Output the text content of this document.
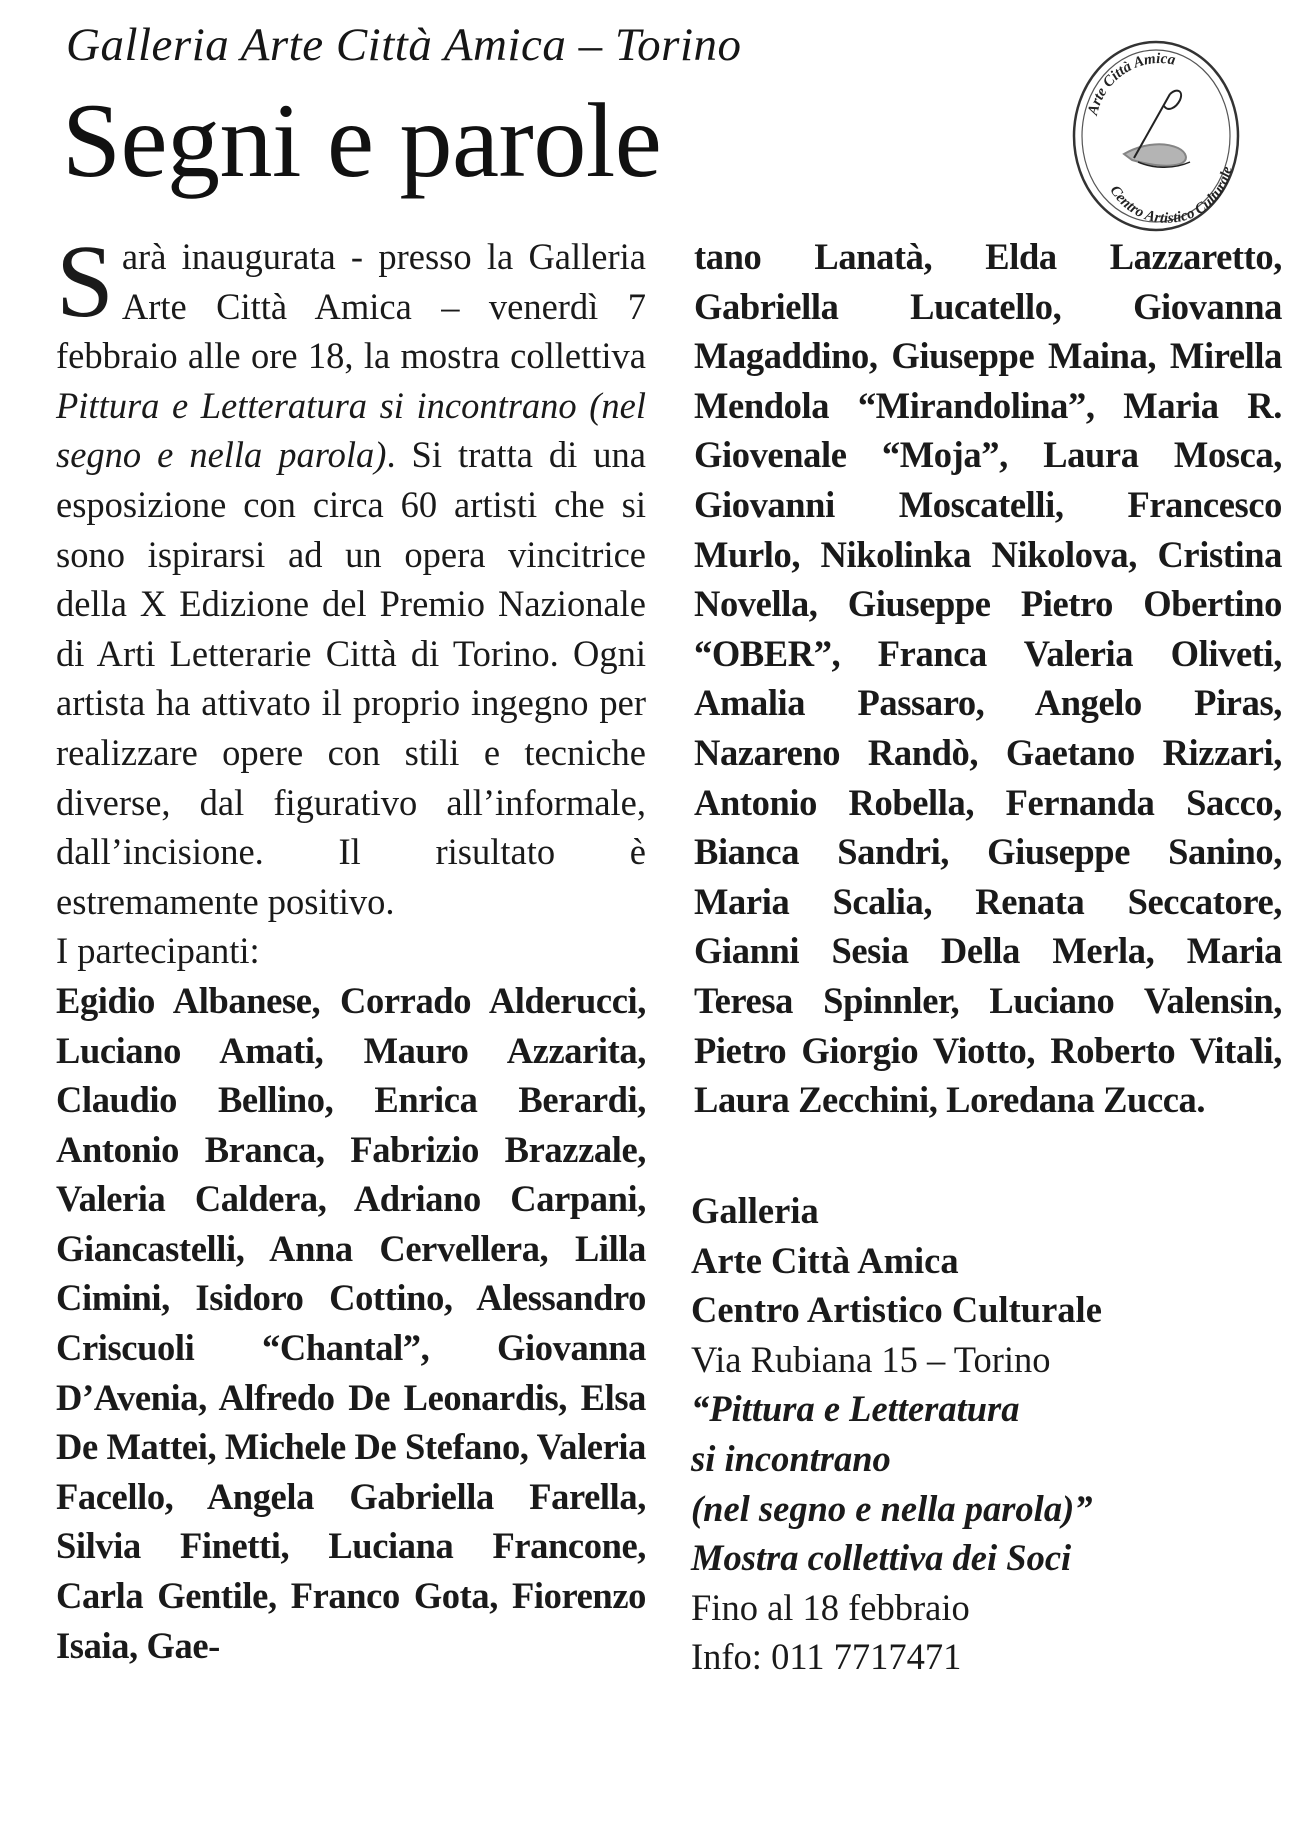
Galleria Arte Città Amica – Torino
Segni e parole	Arte Città Amica
Centro Artistico Culturale

Sarà inaugurata - presso la Galleria Arte Città Amica – venerdì 7 febbraio alle ore 18, la mostra collettiva Pittura e Letteratura si incontrano (nel segno e nella parola). Si tratta di una esposizione con circa 60 artisti che si sono ispirarsi ad un opera vincitrice della X Edizione del Premio Nazionale di Arti Letterarie Città di Torino. Ogni artista ha attivato il proprio ingegno per realizzare opere con stili e tecniche diverse, dal figurativo all’informale, dall’incisione. Il risultato è estremamente positivo.

I partecipanti:

Egidio Albanese, Corrado Alderucci, Luciano Amati, Mauro Azzarita, Claudio Bellino, Enrica Berardi, Antonio Branca, Fabrizio Brazzale, Valeria Caldera, Adriano Carpani, Giancastelli, Anna Cervellera, Lilla Cimini, Isidoro Cottino, Alessandro Criscuoli “Chantal”, Giovanna D’Avenia, Alfredo De Leonardis, Elsa De Mattei, Michele De Stefano, Valeria Facello, Angela Gabriella Farella, Silvia Finetti, Luciana Francone, Carla Gentile, Franco Gota, Fiorenzo Isaia, Gae-

tano Lanatà, Elda Lazzaretto, Gabriella Lucatello, Giovanna Magaddino, Giuseppe Maina, Mirella Mendola “Mirandolina”, Maria R. Giovenale “Moja”, Laura Mosca, Giovanni Moscatelli, Francesco Murlo, Nikolinka Nikolova, Cristina Novella, Giuseppe Pietro Obertino “OBER”, Franca Valeria Oliveti, Amalia Passaro, Angelo Piras, Nazareno Randò, Gaetano Rizzari, Antonio Robella, Fernanda Sacco, Bianca Sandri, Giuseppe Sanino, Maria Scalia, Renata Seccatore, Gianni Sesia Della Merla, Maria Teresa Spinnler, Luciano Valensin, Pietro Giorgio Viotto, Roberto Vitali, Laura Zecchini, Loredana Zucca.

Galleria
Arte Città Amica
Centro Artistico Culturale
Via Rubiana 15 – Torino
“Pittura e Letteratura
si incontrano
(nel segno e nella parola)”
Mostra collettiva dei Soci
Fino al 18 febbraio
Info: 011 7717471
